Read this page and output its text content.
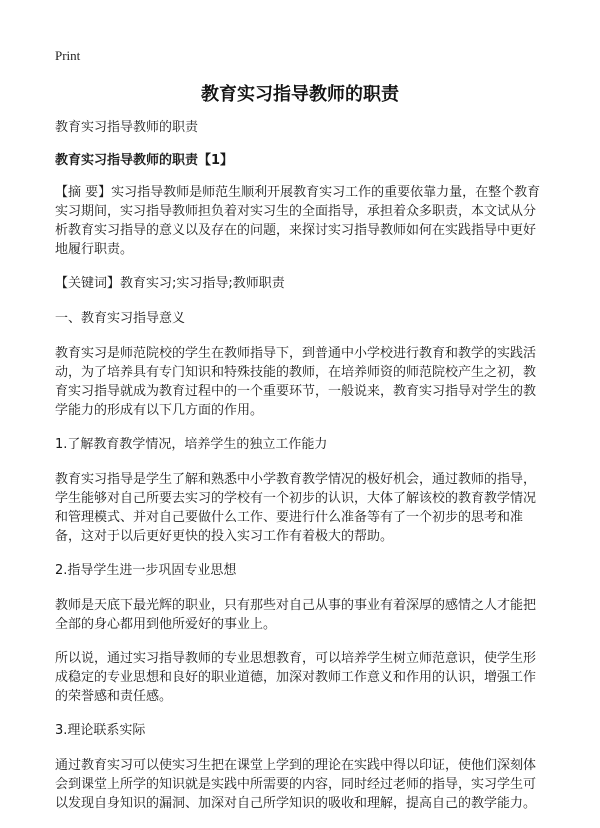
Print
教育实习指导教师的职责

教育实习指导教师的职责

教育实习指导教师的职责【1】

【摘 要】实习指导教师是师范生顺利开展教育实习工作的重要依靠力量，在整个教育实习期间，实习指导教师担负着对实习生的全面指导，承担着众多职责，本文试从分析教育实习指导的意义以及存在的问题，来探讨实习指导教师如何在实践指导中更好地履行职责。

【关键词】教育实习;实习指导;教师职责

一、教育实习指导意义

教育实习是师范院校的学生在教师指导下，到普通中小学校进行教育和教学的实践活动，为了培养具有专门知识和特殊技能的教师，在培养师资的师范院校产生之初，教育实习指导就成为教育过程中的一个重要环节，一般说来，教育实习指导对学生的教学能力的形成有以下几方面的作用。

1.了解教育教学情况，培养学生的独立工作能力

教育实习指导是学生了解和熟悉中小学教育教学情况的极好机会，通过教师的指导，学生能够对自己所要去实习的学校有一个初步的认识，大体了解该校的教育教学情况和管理模式、并对自己要做什么工作、要进行什么准备等有了一个初步的思考和准备，这对于以后更好更快的投入实习工作有着极大的帮助。

2.指导学生进一步巩固专业思想

教师是天底下最光辉的职业，只有那些对自己从事的事业有着深厚的感情之人才能把全部的身心都用到他所爱好的事业上。

所以说，通过实习指导教师的专业思想教育，可以培养学生树立师范意识，使学生形成稳定的专业思想和良好的职业道德，加深对教师工作意义和作用的认识，增强工作的荣誉感和责任感。

3.理论联系实际

通过教育实习可以使实习生把在课堂上学到的理论在实践中得以印证，使他们深刻体会到课堂上所学的知识就是实践中所需要的内容，同时经过老师的指导，实习学生可以发现自身知识的漏洞、加深对自己所学知识的吸收和理解，提高自己的教学能力。
